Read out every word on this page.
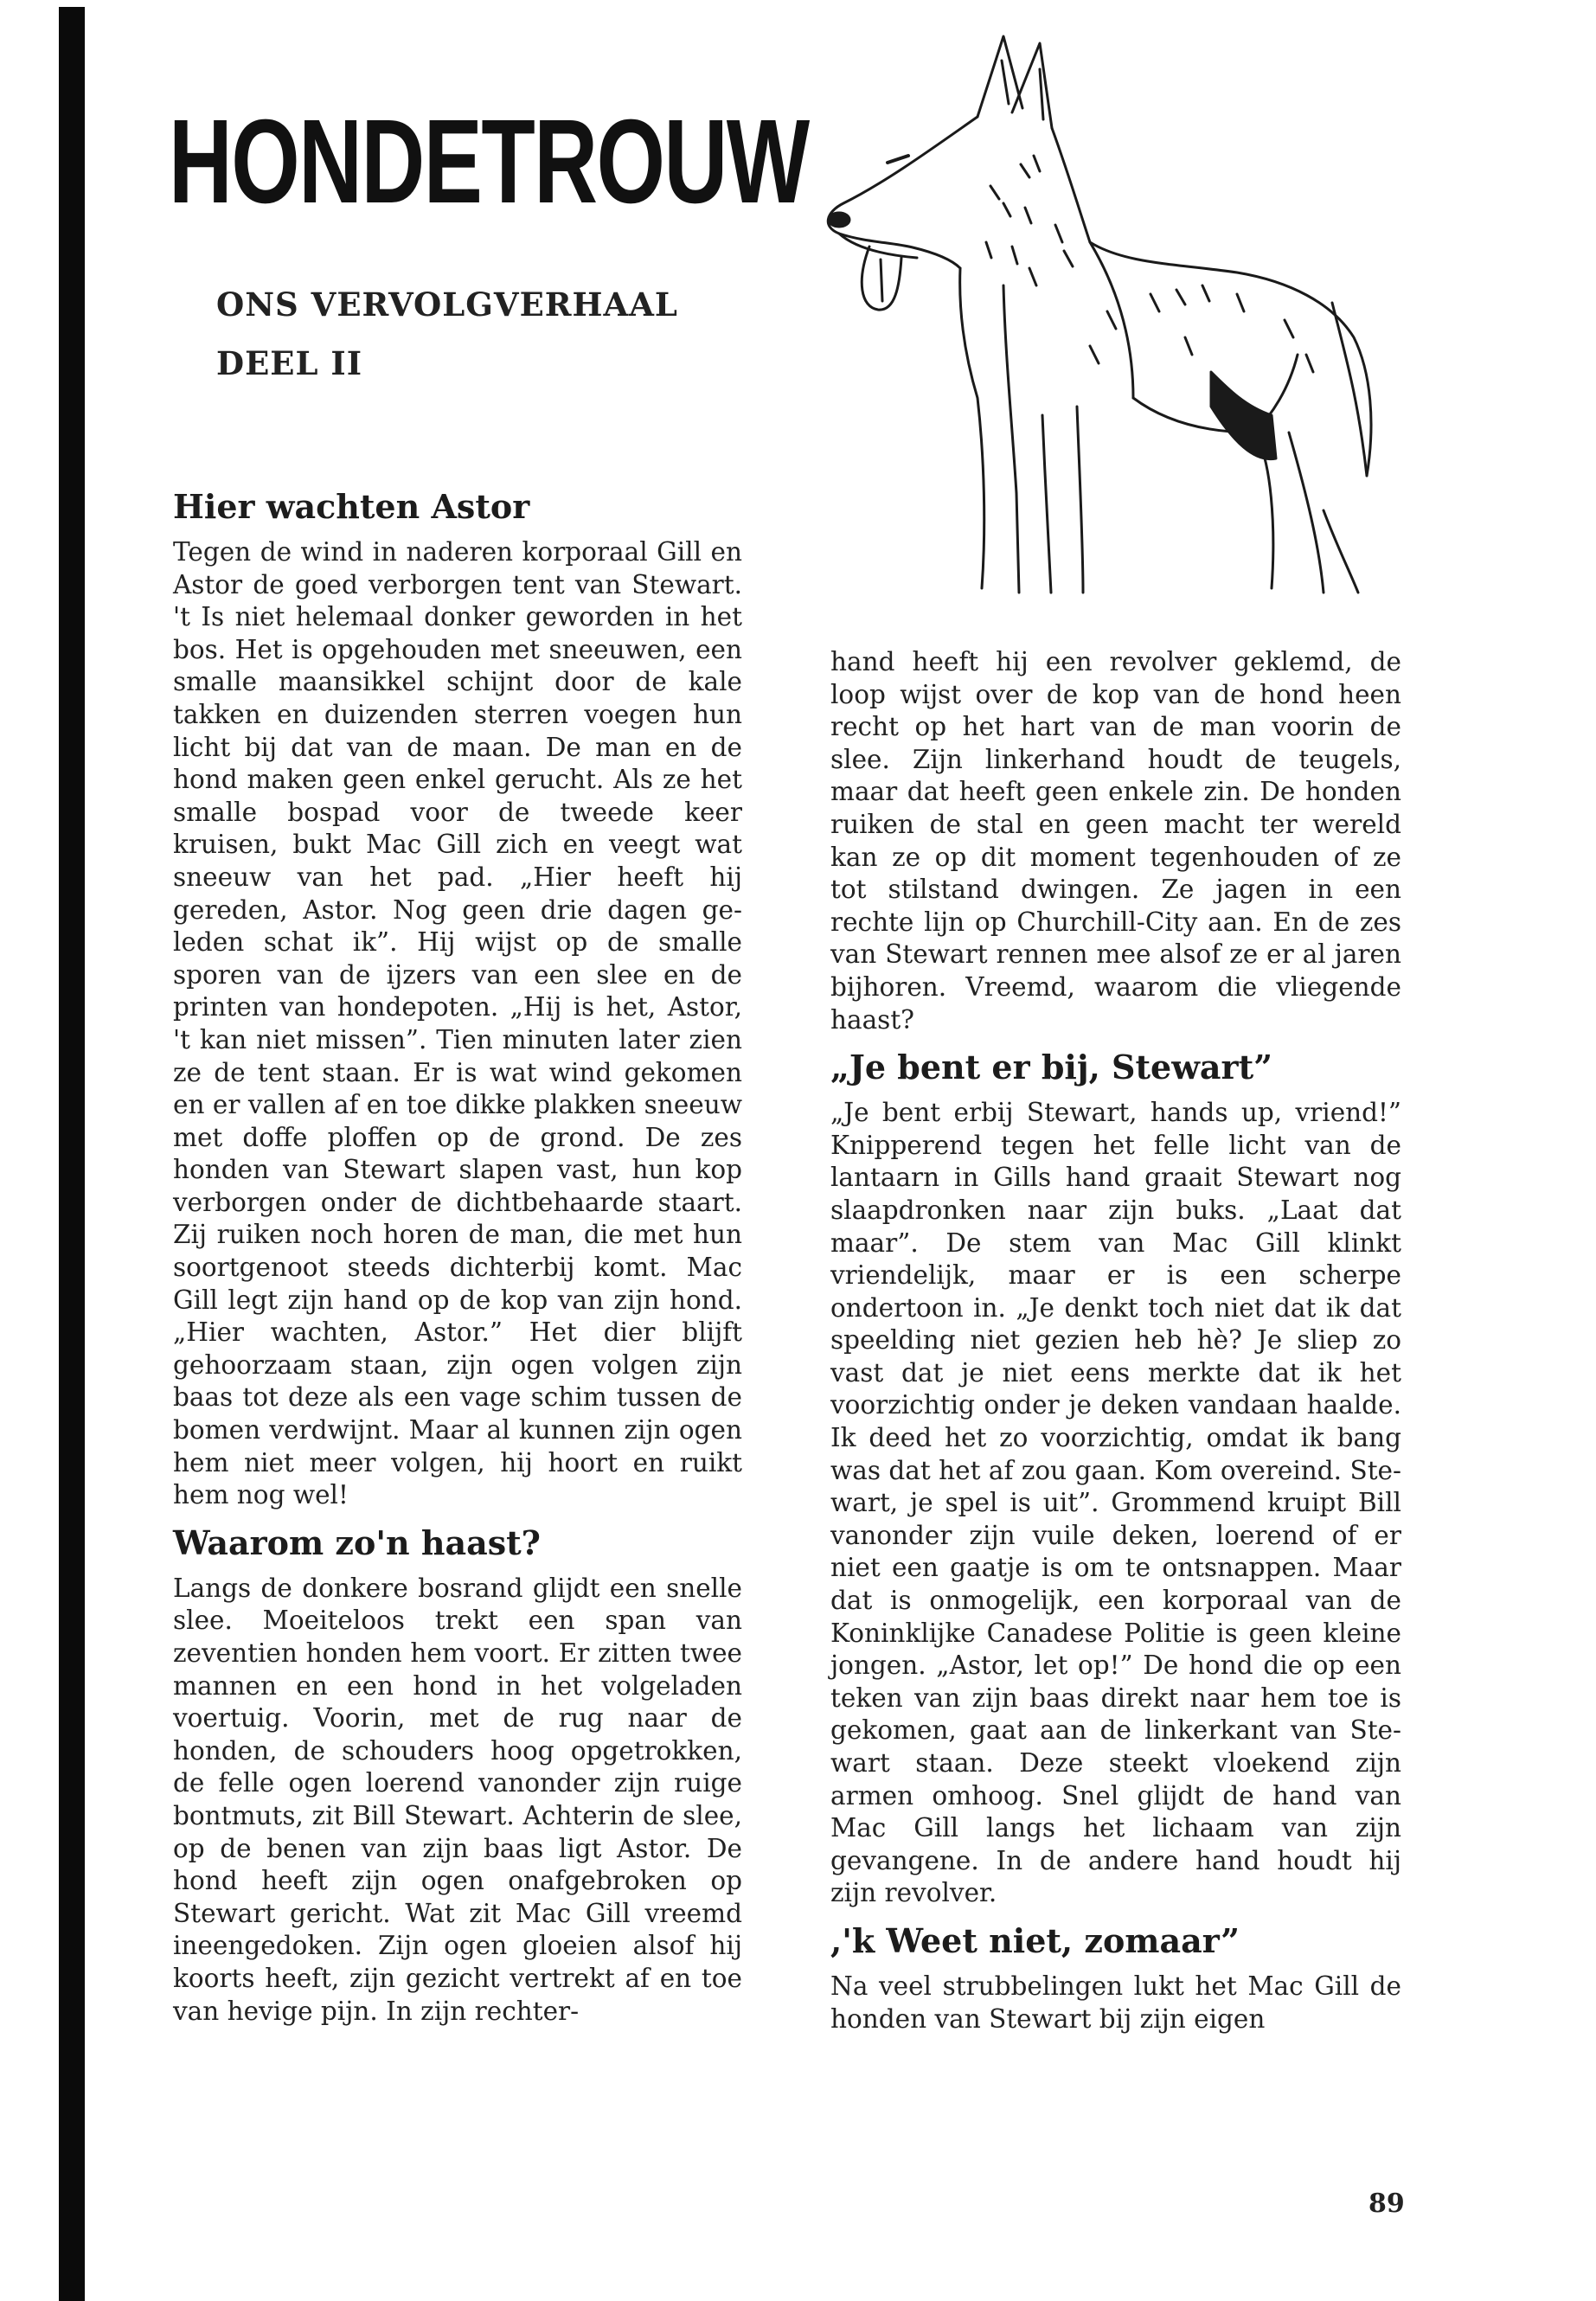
HONDETROUW
ONS VERVOLGVERHAAL
DEEL II
Hier wachten Astor

Tegen de wind in naderen korporaal Gill en Astor de goed verborgen tent van Stewart. 't Is niet helemaal donker geworden in het bos. Het is opgehouden met sneeuwen, een smalle maansikkel schijnt door de kale takken en duizenden sterren voegen hun licht bij dat van de maan. De man en de hond maken geen enkel gerucht. Als ze het smalle bospad voor de tweede keer kruisen, bukt Mac Gill zich en veegt wat sneeuw van het pad. „Hier heeft hij gereden, Astor. Nog geen drie dagen geleden schat ik”. Hij wijst op de smalle sporen van de ijzers van een slee en de printen van hondepoten. „Hij is het, Astor, 't kan niet missen”. Tien minuten later zien ze de tent staan. Er is wat wind gekomen en er vallen af en toe dikke plakken sneeuw met doffe ploffen op de grond. De zes honden van Stewart slapen vast, hun kop verborgen onder de dichtbehaarde staart. Zij ruiken noch horen de man, die met hun soortgenoot steeds dichterbij komt. Mac Gill legt zijn hand op de kop van zijn hond. „Hier wachten, Astor.” Het dier blijft gehoorzaam staan, zijn ogen volgen zijn baas tot deze als een vage schim tussen de bomen verdwijnt. Maar al kunnen zijn ogen hem niet meer volgen, hij hoort en ruikt hem nog wel!

Waarom zo'n haast?

Langs de donkere bosrand glijdt een snelle slee. Moeiteloos trekt een span van zeventien honden hem voort. Er zitten twee mannen en een hond in het volgeladen voertuig. Voorin, met de rug naar de honden, de schouders hoog opgetrokken, de felle ogen loerend vanonder zijn ruige bontmuts, zit Bill Stewart. Achterin de slee, op de benen van zijn baas ligt Astor. De hond heeft zijn ogen onafgebroken op Stewart gericht. Wat zit Mac Gill vreemd ineengedoken. Zijn ogen gloeien alsof hij koorts heeft, zijn gezicht vertrekt af en toe van hevige pijn. In zijn rechter-

hand heeft hij een revolver geklemd, de loop wijst over de kop van de hond heen recht op het hart van de man voorin de slee. Zijn linkerhand houdt de teugels, maar dat heeft geen enkele zin. De honden ruiken de stal en geen macht ter wereld kan ze op dit moment tegenhouden of ze tot stilstand dwingen. Ze jagen in een rechte lijn op Churchill-City aan. En de zes van Stewart rennen mee alsof ze er al jaren bijhoren. Vreemd, waarom die vliegende haast?

„Je bent er bij, Stewart”

„Je bent erbij Stewart, hands up, vriend!” Knipperend tegen het felle licht van de lantaarn in Gills hand graait Stewart nog slaapdronken naar zijn buks. „Laat dat maar”. De stem van Mac Gill klinkt vriendelijk, maar er is een scherpe ondertoon in. „Je denkt toch niet dat ik dat speelding niet gezien heb hè? Je sliep zo vast dat je niet eens merkte dat ik het voorzichtig onder je deken vandaan haalde. Ik deed het zo voorzichtig, omdat ik bang was dat het af zou gaan. Kom overeind. Stewart, je spel is uit”. Grommend kruipt Bill vanonder zijn vuile deken, loerend of er niet een gaatje is om te ontsnappen. Maar dat is onmogelijk, een korporaal van de Koninklijke Canadese Politie is geen kleine jongen. „Astor, let op!” De hond die op een teken van zijn baas direkt naar hem toe is gekomen, gaat aan de linkerkant van Stewart staan. Deze steekt vloekend zijn armen omhoog. Snel glijdt de hand van Mac Gill langs het lichaam van zijn gevangene. In de andere hand houdt hij zijn revolver.

,'k Weet niet, zomaar”

Na veel strubbelingen lukt het Mac Gill de honden van Stewart bij zijn eigen

89
